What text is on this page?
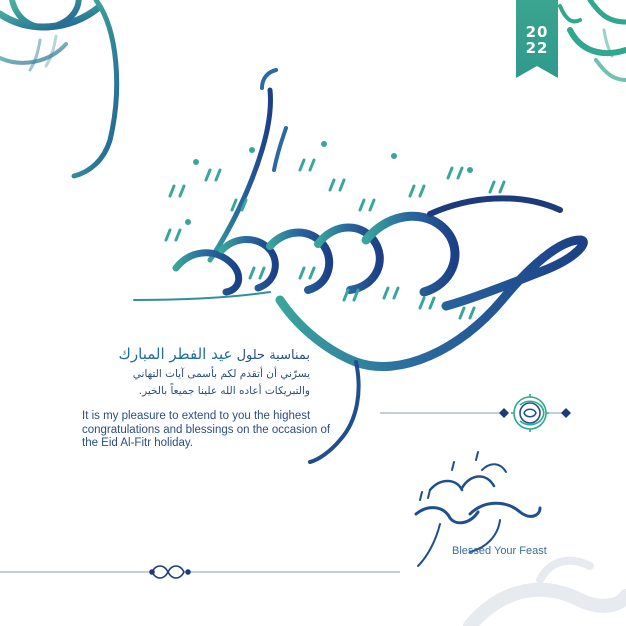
20
22
بمناسبة حلول عيد الفطر المبارك
يسرّني أن أتقدم لكم بأسمى آيات التهاني
والتبريكات أعاده الله علينا جميعاً بالخير.
It is my pleasure to extend to you the highest congratulations and blessings on the occasion of the Eid Al-Fitr holiday.
Blessed Your Feast
